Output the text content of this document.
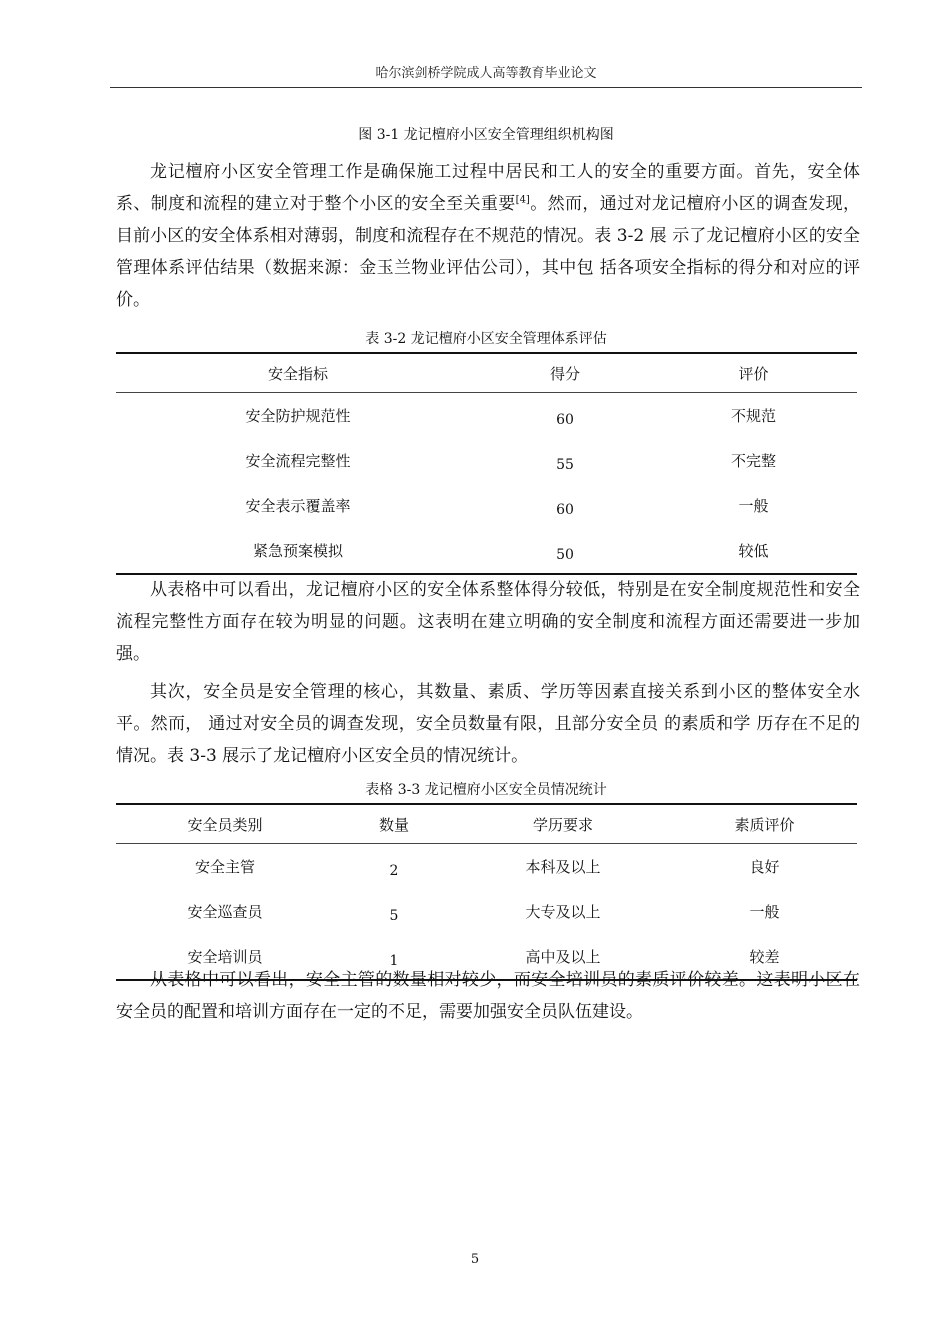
哈尔滨剑桥学院成人高等教育毕业论文
图 3-1 龙记檀府小区安全管理组织机构图

龙记檀府小区安全管理工作是确保施工过程中居民和工人的安全的重要方面。首先，安全体系、制度和流程的建立对于整个小区的安全至关重要[4]。然而，通过对龙记檀府小区的调查发现，目前小区的安全体系相对薄弱，制度和流程存在不规范的情况。表 3-2 展 示了龙记檀府小区的安全管理体系评估结果（数据来源：金玉兰物业评估公司），其中包 括各项安全指标的得分和对应的评价。

表 3-2 龙记檀府小区安全管理体系评估
安全指标	得分	评价
安全防护规范性	60	不规范
安全流程完整性	55	不完整
安全表示覆盖率	60	一般
紧急预案模拟	50	较低

从表格中可以看出，龙记檀府小区的安全体系整体得分较低，特别是在安全制度规范性和安全流程完整性方面存在较为明显的问题。这表明在建立明确的安全制度和流程方面还需要进一步加强。

其次，安全员是安全管理的核心，其数量、素质、学历等因素直接关系到小区的整体安全水平。然而， 通过对安全员的调查发现，安全员数量有限，且部分安全员 的素质和学 历存在不足的情况。表 3-3 展示了龙记檀府小区安全员的情况统计。

表格 3-3 龙记檀府小区安全员情况统计
安全员类别	数量	学历要求	素质评价
安全主管	2	本科及以上	良好
安全巡查员	5	大专及以上	一般
安全培训员	1	高中及以上	较差

从表格中可以看出，安全主管的数量相对较少，而安全培训员的素质评价较差。这表明小区在安全员的配置和培训方面存在一定的不足，需要加强安全员队伍建设。

5
